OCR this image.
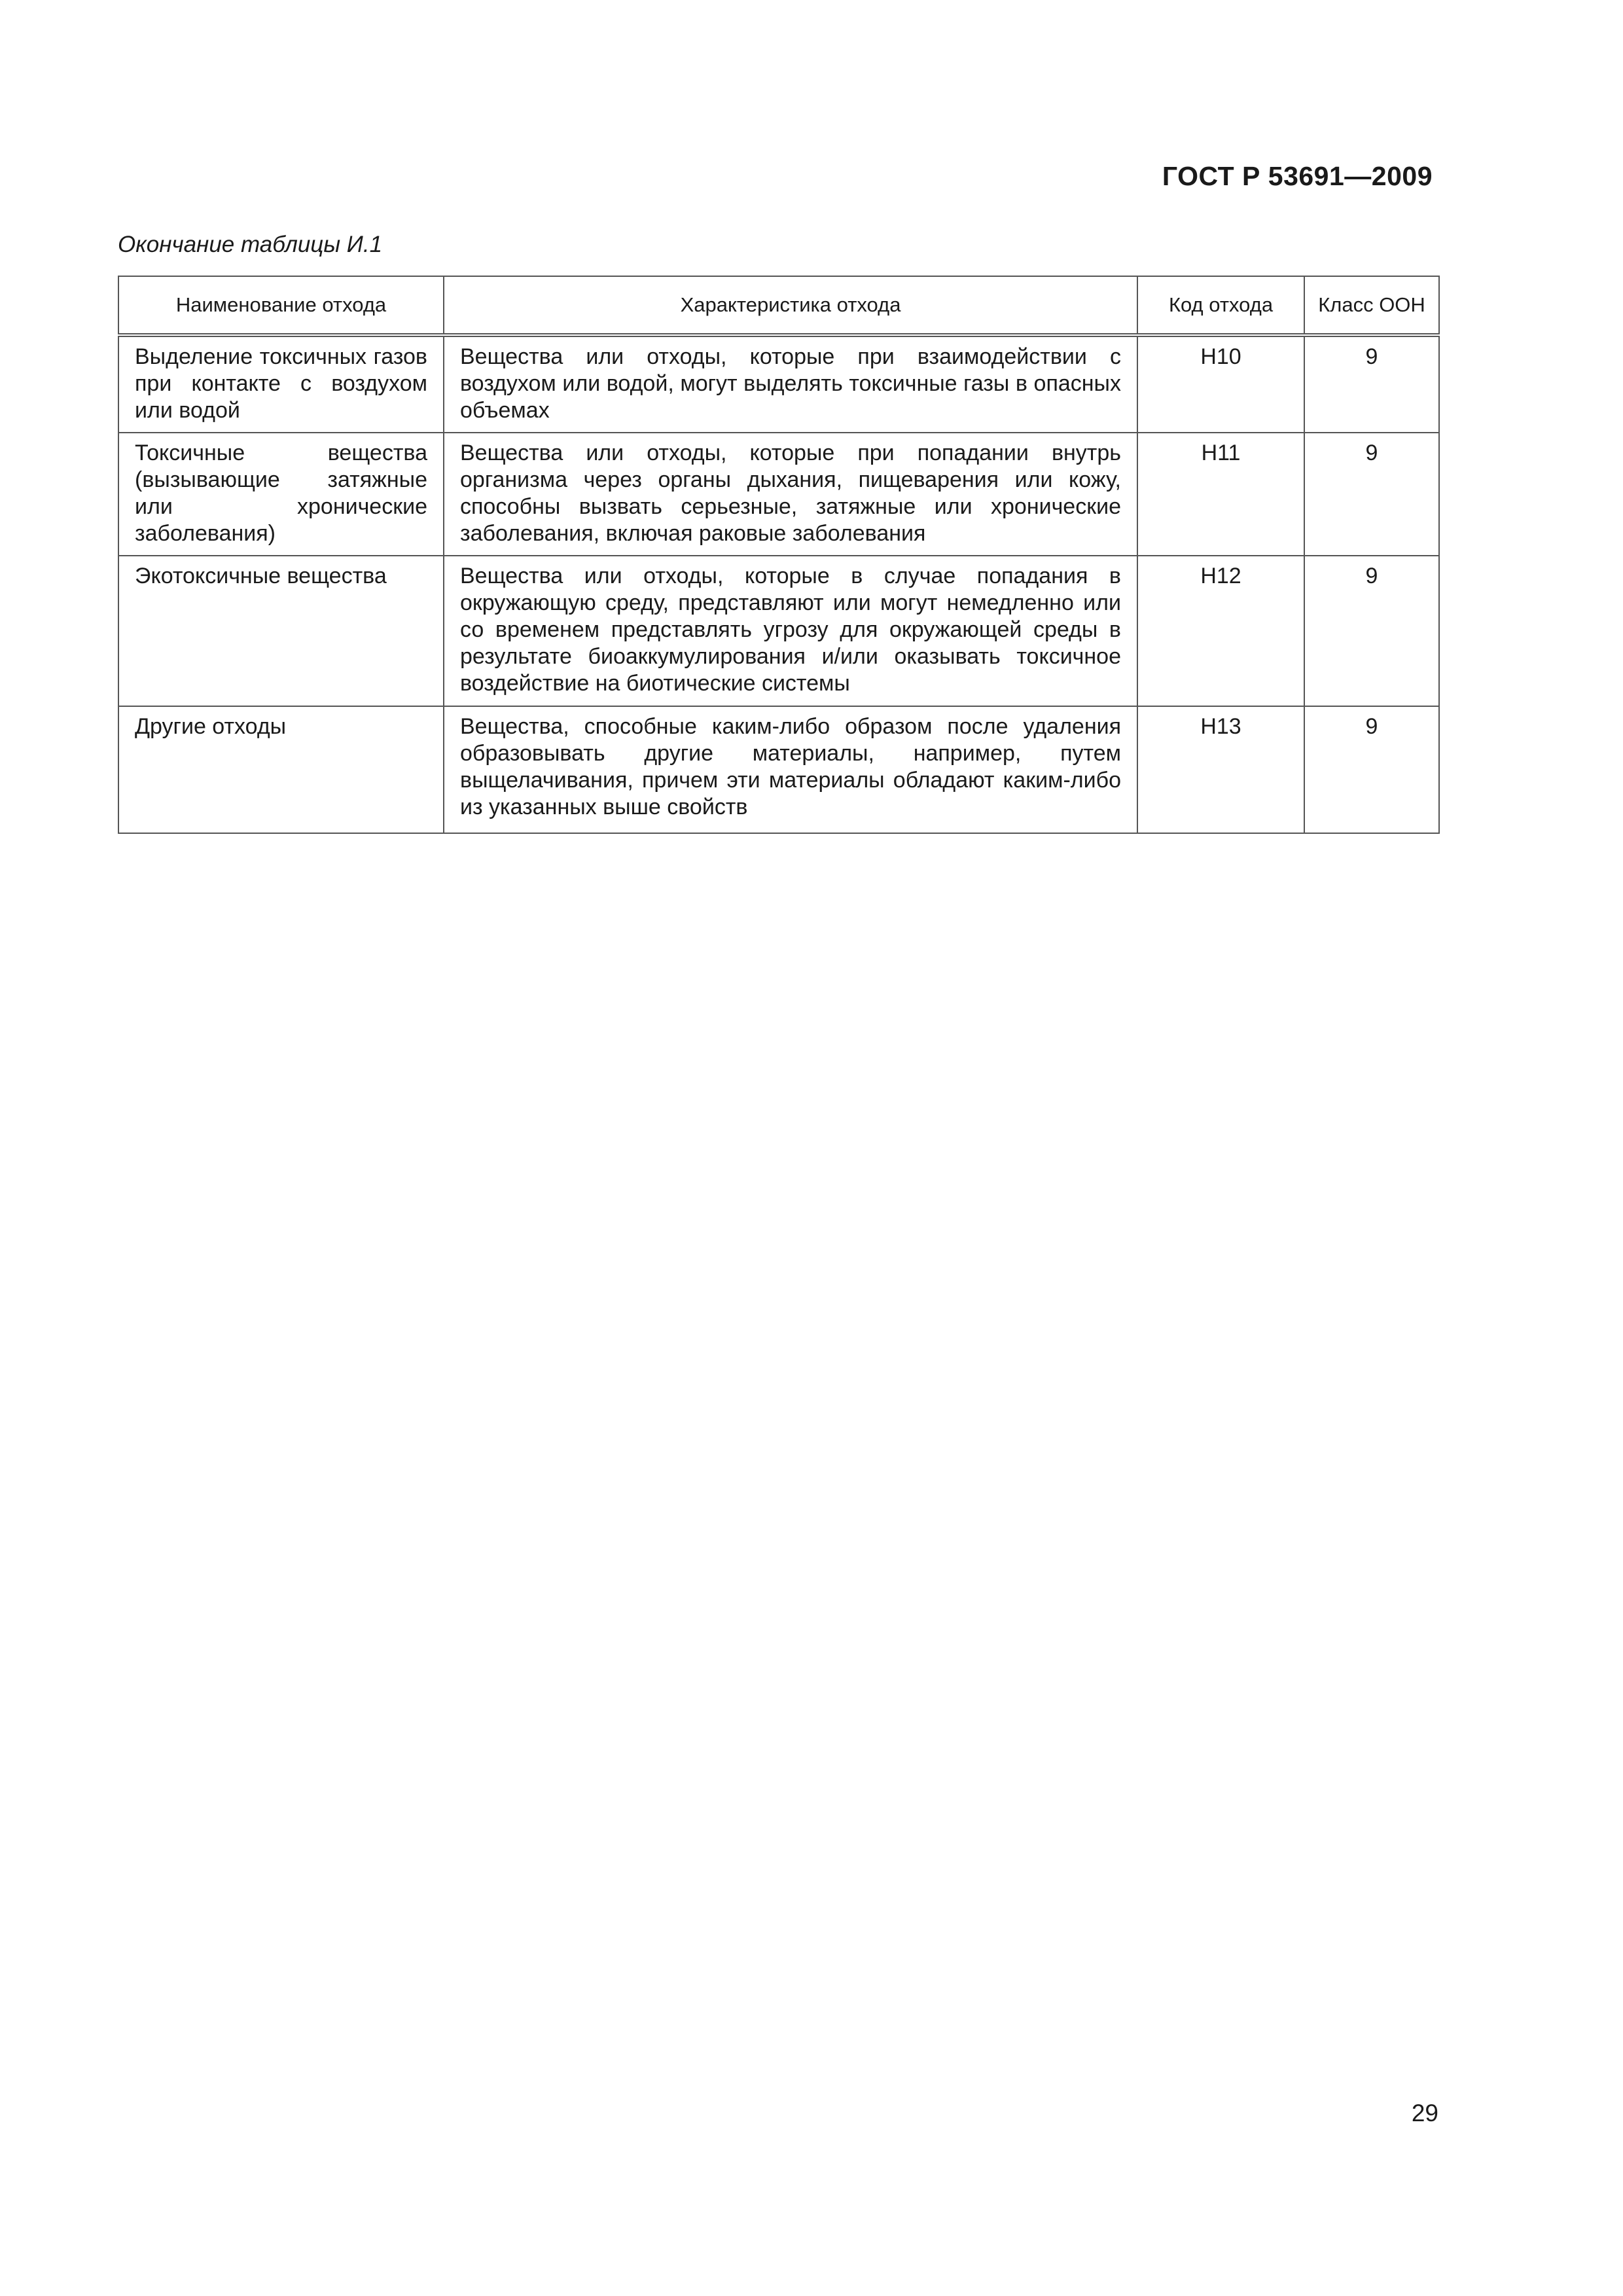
ГОСТ Р 53691—2009
Окончание таблицы И.1
Наименование отхода	Характеристика отхода	Код отхода	Класс ООН
Выделение токсичных газов при контакте с воздухом или водой	Вещества или отходы, которые при взаимодействии с воздухом или водой, могут выделять токсичные газы в опасных объемах	H10	9
Токсичные вещества (вызывающие затяжные или хронические заболевания)	Вещества или отходы, которые при попадании внутрь организма через органы дыхания, пищеварения или кожу, способны вызвать серьезные, затяжные или хронические заболевания, включая раковые заболевания	H11	9
Экотоксичные вещества	Вещества или отходы, которые в случае попадания в окружающую среду, представляют или могут немедленно или со временем представлять угрозу для окружающей среды в результате биоаккумулирования и/или оказывать токсичное воздействие на биотические системы	H12	9
Другие отходы	Вещества, способные каким-либо образом после удаления образовывать другие материалы, например, путем выщелачивания, причем эти материалы обладают каким-либо из указанных выше свойств	H13	9
29
